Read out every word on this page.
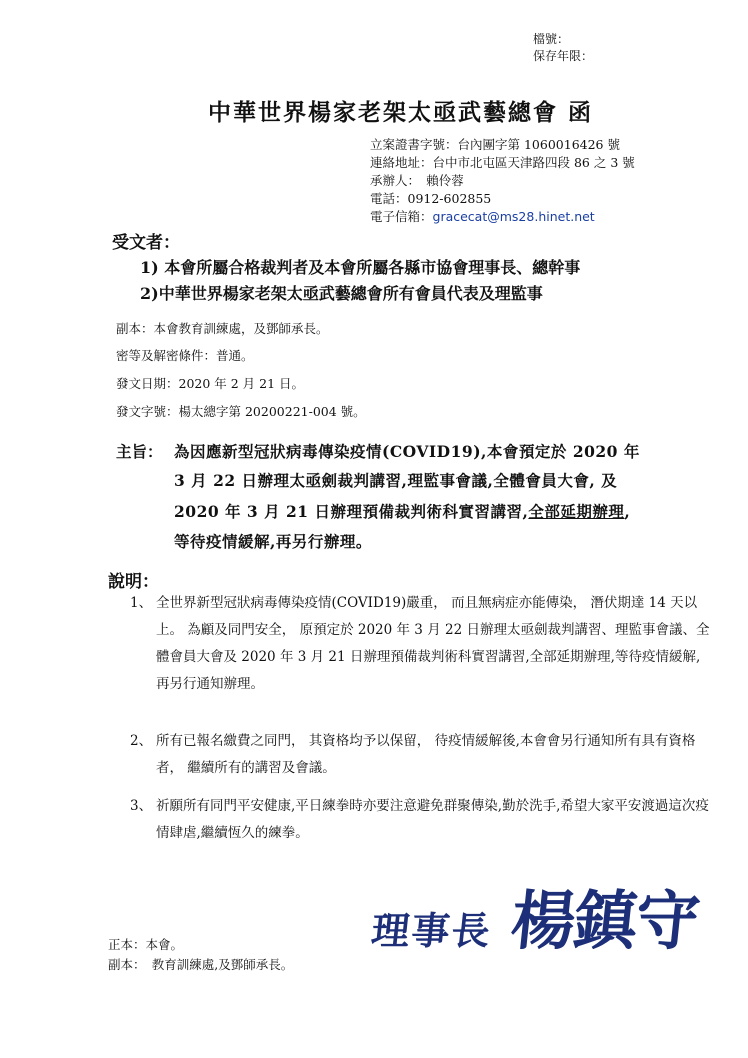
檔號：
保存年限：
中華世界楊家老架太亟武藝總會 函
立案證書字號：台內團字第 1060016426 號
連絡地址：台中市北屯區天津路四段 86 之 3 號
承辦人：　賴伶蓉
電話：0912-602855
電子信箱：gracecat@ms28.hinet.net
受文者：
1) 本會所屬合格裁判者及本會所屬各縣市協會理事長、總幹事
2)中華世界楊家老架太亟武藝總會所有會員代表及理監事
副本：本會教育訓練處，及鄧師承長。
密等及解密條件：普通。
發文日期：2020 年 2 月 21 日。
發文字號：楊太總字第 20200221-004 號。
主旨： 為因應新型冠狀病毒傳染疫情(COVID19),本會預定於 2020 年
3 月 22 日辦理太亟劍裁判講習,理監事會議,全體會員大會, 及
2020 年 3 月 21 日辦理預備裁判術科實習講習,全部延期辦理,
等待疫情緩解,再另行辦理。
說明：
1、 全世界新型冠狀病毒傳染疫情(COVID19)嚴重， 而且無病症亦能傳染， 潛伏期達 14 天以上。 為顧及同門安全， 原預定於 2020 年 3 月 22 日辦理太亟劍裁判講習、理監事會議、全體會員大會及 2020 年 3 月 21 日辦理預備裁判術科實習講習,全部延期辦理,等待疫情緩解,再另行通知辦理。
2、 所有已報名繳費之同門， 其資格均予以保留， 待疫情緩解後,本會會另行通知所有具有資格者， 繼續所有的講習及會議。
3、 祈願所有同門平安健康,平日練拳時亦要注意避免群聚傳染,勤於洗手,希望大家平安渡過這次疫情肆虐,繼續恆久的練拳。
理事長 楊鎮守
正本：本會。
副本：　教育訓練處,及鄧師承長。
